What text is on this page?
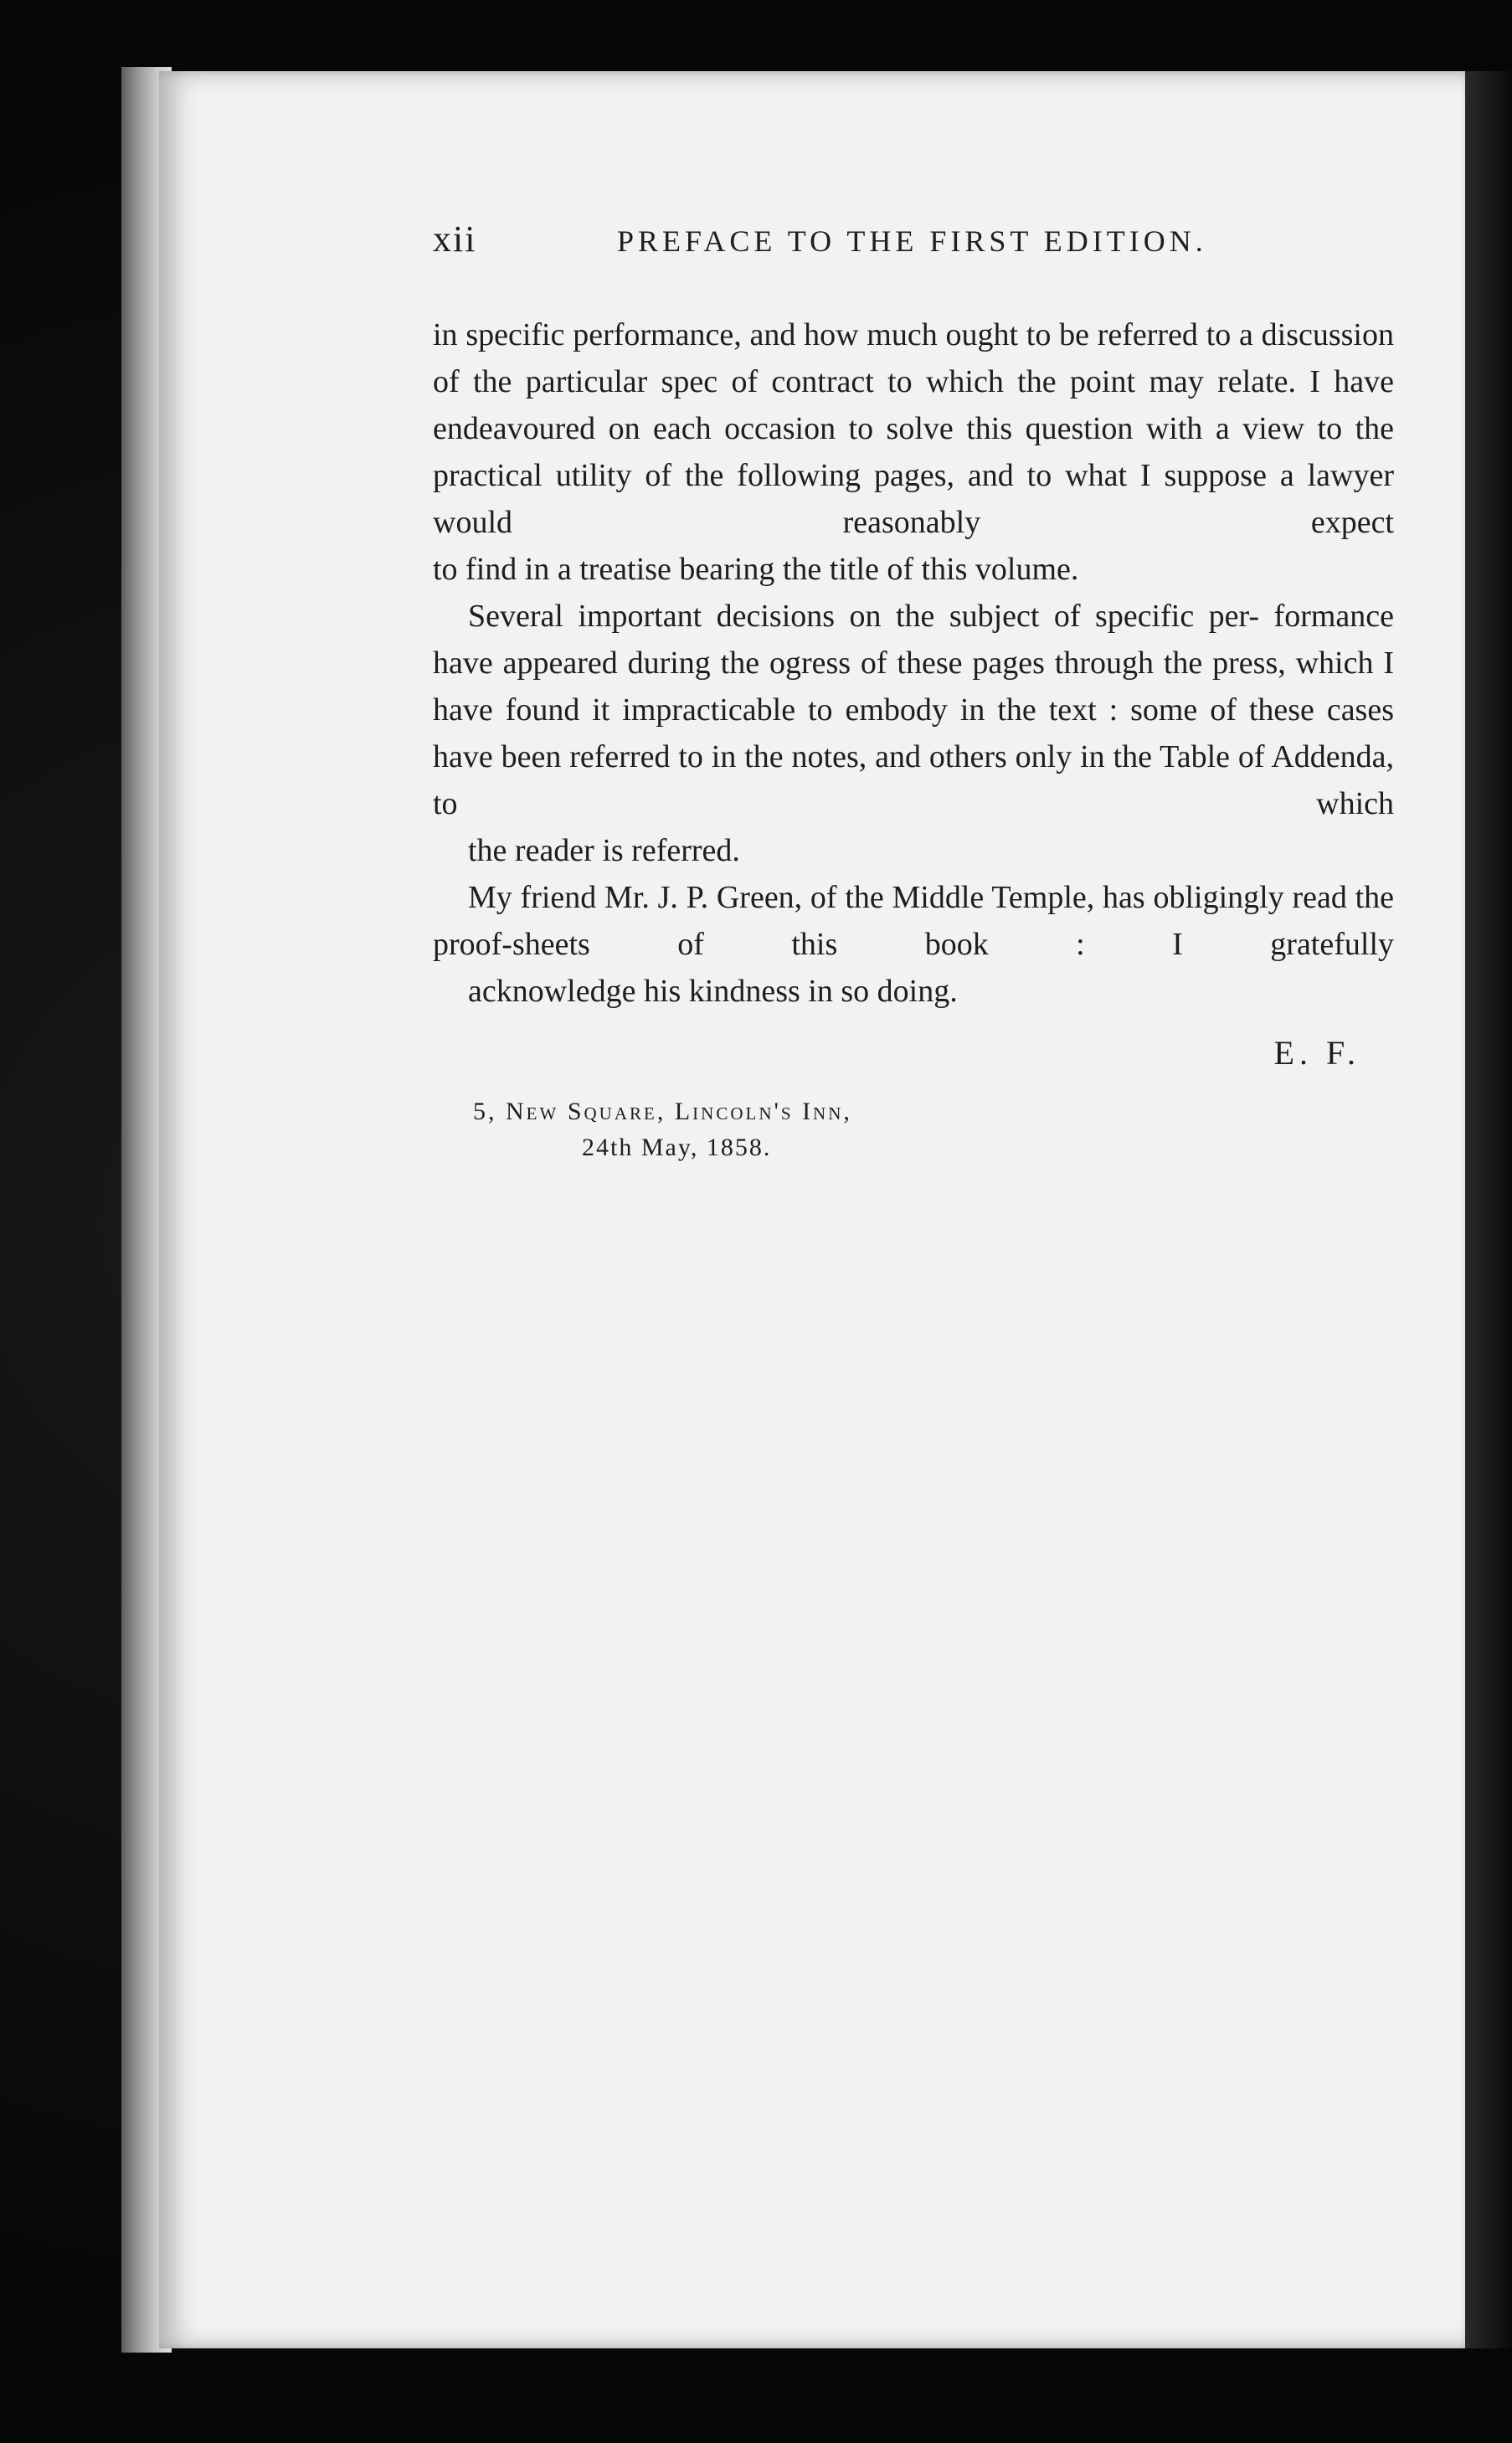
xii	PREFACE TO THE FIRST EDITION.

in specific performance, and how much ought to be referred to a discussion of the particular spec of contract to which the point may relate. I have endeavoured on each occasion to solve this question with a view to the practical utility of the following pages, and to what I suppose a lawyer would reasonably expect
to find in a treatise bearing the title of this volume.

Several important decisions on the subject of specific per- formance have appeared during the ogress of these pages through the press, which I have found it impracticable to embody in the text : some of these cases have been referred to in the notes, and others only in the Table of Addenda, to which
the reader is referred.

My friend Mr. J. P. Green, of the Middle Temple, has obligingly read the proof-sheets of this book : I gratefully
acknowledge his kindness in so doing.

E. F.
5, New Square, Lincoln's Inn,
24th May, 1858.
